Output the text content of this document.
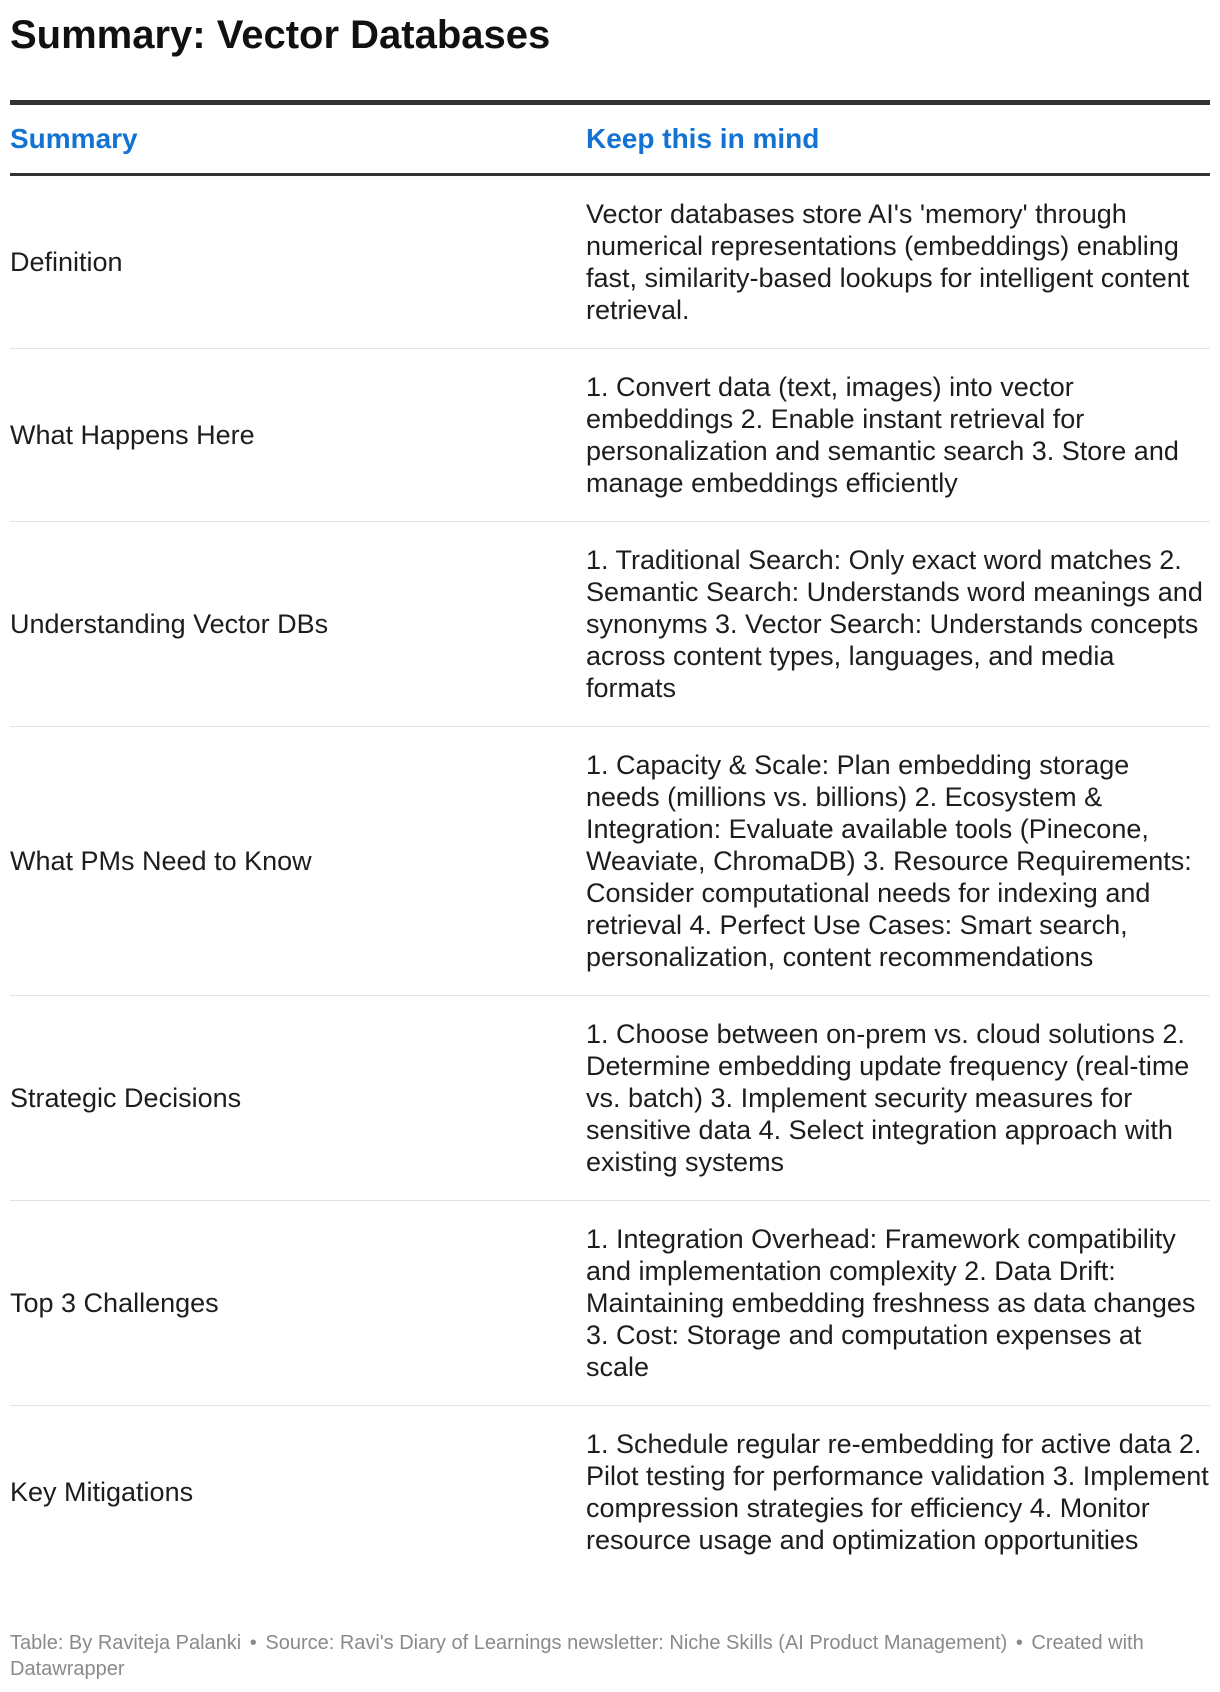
Summary: Vector Databases
Summary	Keep this in mind
Definition	Vector databases store AI's 'memory' through numerical representations (embeddings) enabling fast, similarity-based lookups for intelligent content retrieval.
What Happens Here	1. Convert data (text, images) into vector embeddings 2. Enable instant retrieval for personalization and semantic search 3. Store and manage embeddings efficiently
Understanding Vector DBs	1. Traditional Search: Only exact word matches 2. Semantic Search: Understands word meanings and synonyms 3. Vector Search: Understands concepts across content types, languages, and media formats
What PMs Need to Know	1. Capacity & Scale: Plan embedding storage needs (millions vs. billions) 2. Ecosystem & Integration: Evaluate available tools (Pinecone, Weaviate, ChromaDB) 3. Resource Requirements: Consider computational needs for indexing and retrieval 4. Perfect Use Cases: Smart search, personalization, content recommendations
Strategic Decisions	1. Choose between on-prem vs. cloud solutions 2. Determine embedding update frequency (real-time vs. batch) 3. Implement security measures for sensitive data 4. Select integration approach with existing systems
Top 3 Challenges	1. Integration Overhead: Framework compatibility and implementation complexity 2. Data Drift: Maintaining embedding freshness as data changes 3. Cost: Storage and computation expenses at scale
Key Mitigations	1. Schedule regular re-embedding for active data 2. Pilot testing for performance validation 3. Implement compression strategies for efficiency 4. Monitor resource usage and optimization opportunities
Table: By Raviteja Palanki • Source: Ravi's Diary of Learnings newsletter: Niche Skills (AI Product Management) • Created with Datawrapper
